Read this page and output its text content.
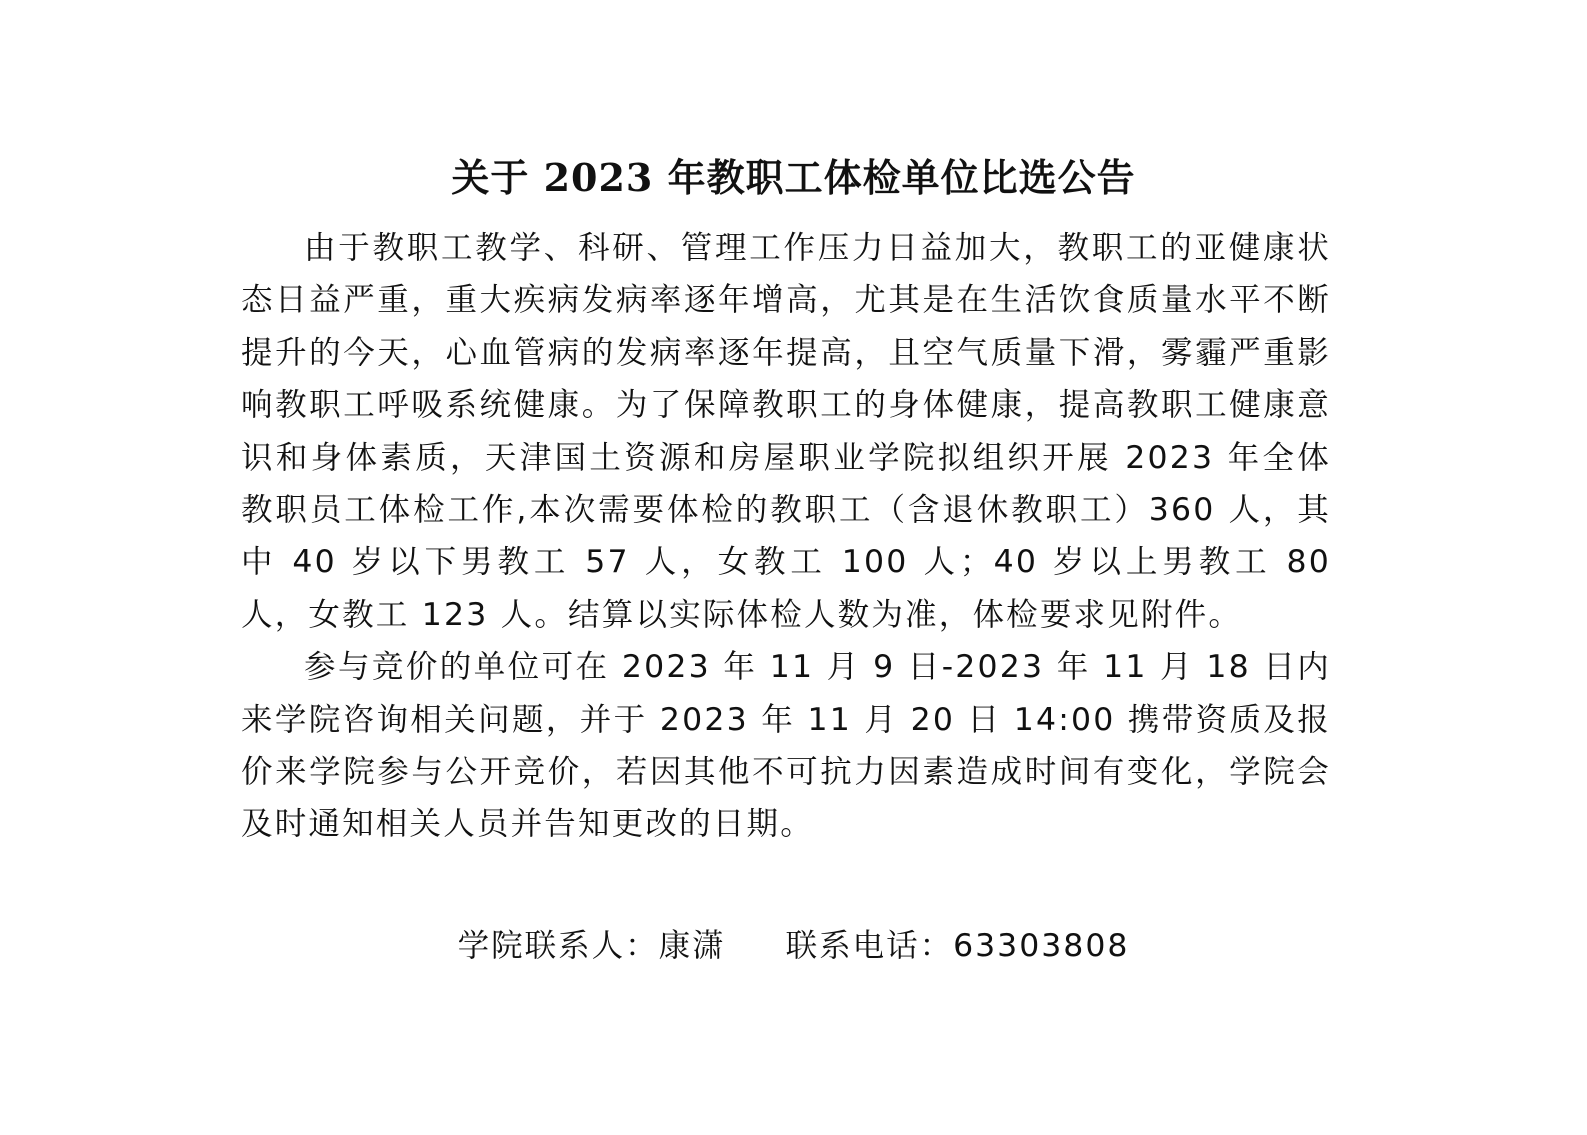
关于 2023 年教职工体检单位比选公告

由于教职工教学、科研、管理工作压力日益加大，教职工的亚健康状态日益严重，重大疾病发病率逐年增高，尤其是在生活饮食质量水平不断提升的今天，心血管病的发病率逐年提高，且空气质量下滑，雾霾严重影响教职工呼吸系统健康。为了保障教职工的身体健康，提高教职工健康意识和身体素质，天津国土资源和房屋职业学院拟组织开展 2023 年全体教职员工体检工作,本次需要体检的教职工（含退休教职工）360 人，其中 40 岁以下男教工 57 人，女教工 100 人；40 岁以上男教工 80 人，女教工 123 人。结算以实际体检人数为准，体检要求见附件。

参与竞价的单位可在 2023 年 11 月 9 日-2023 年 11 月 18 日内来学院咨询相关问题，并于 2023 年 11 月 20 日 14:00 携带资质及报价来学院参与公开竞价，若因其他不可抗力因素造成时间有变化，学院会及时通知相关人员并告知更改的日期。

学院联系人：康潇 联系电话：63303808
